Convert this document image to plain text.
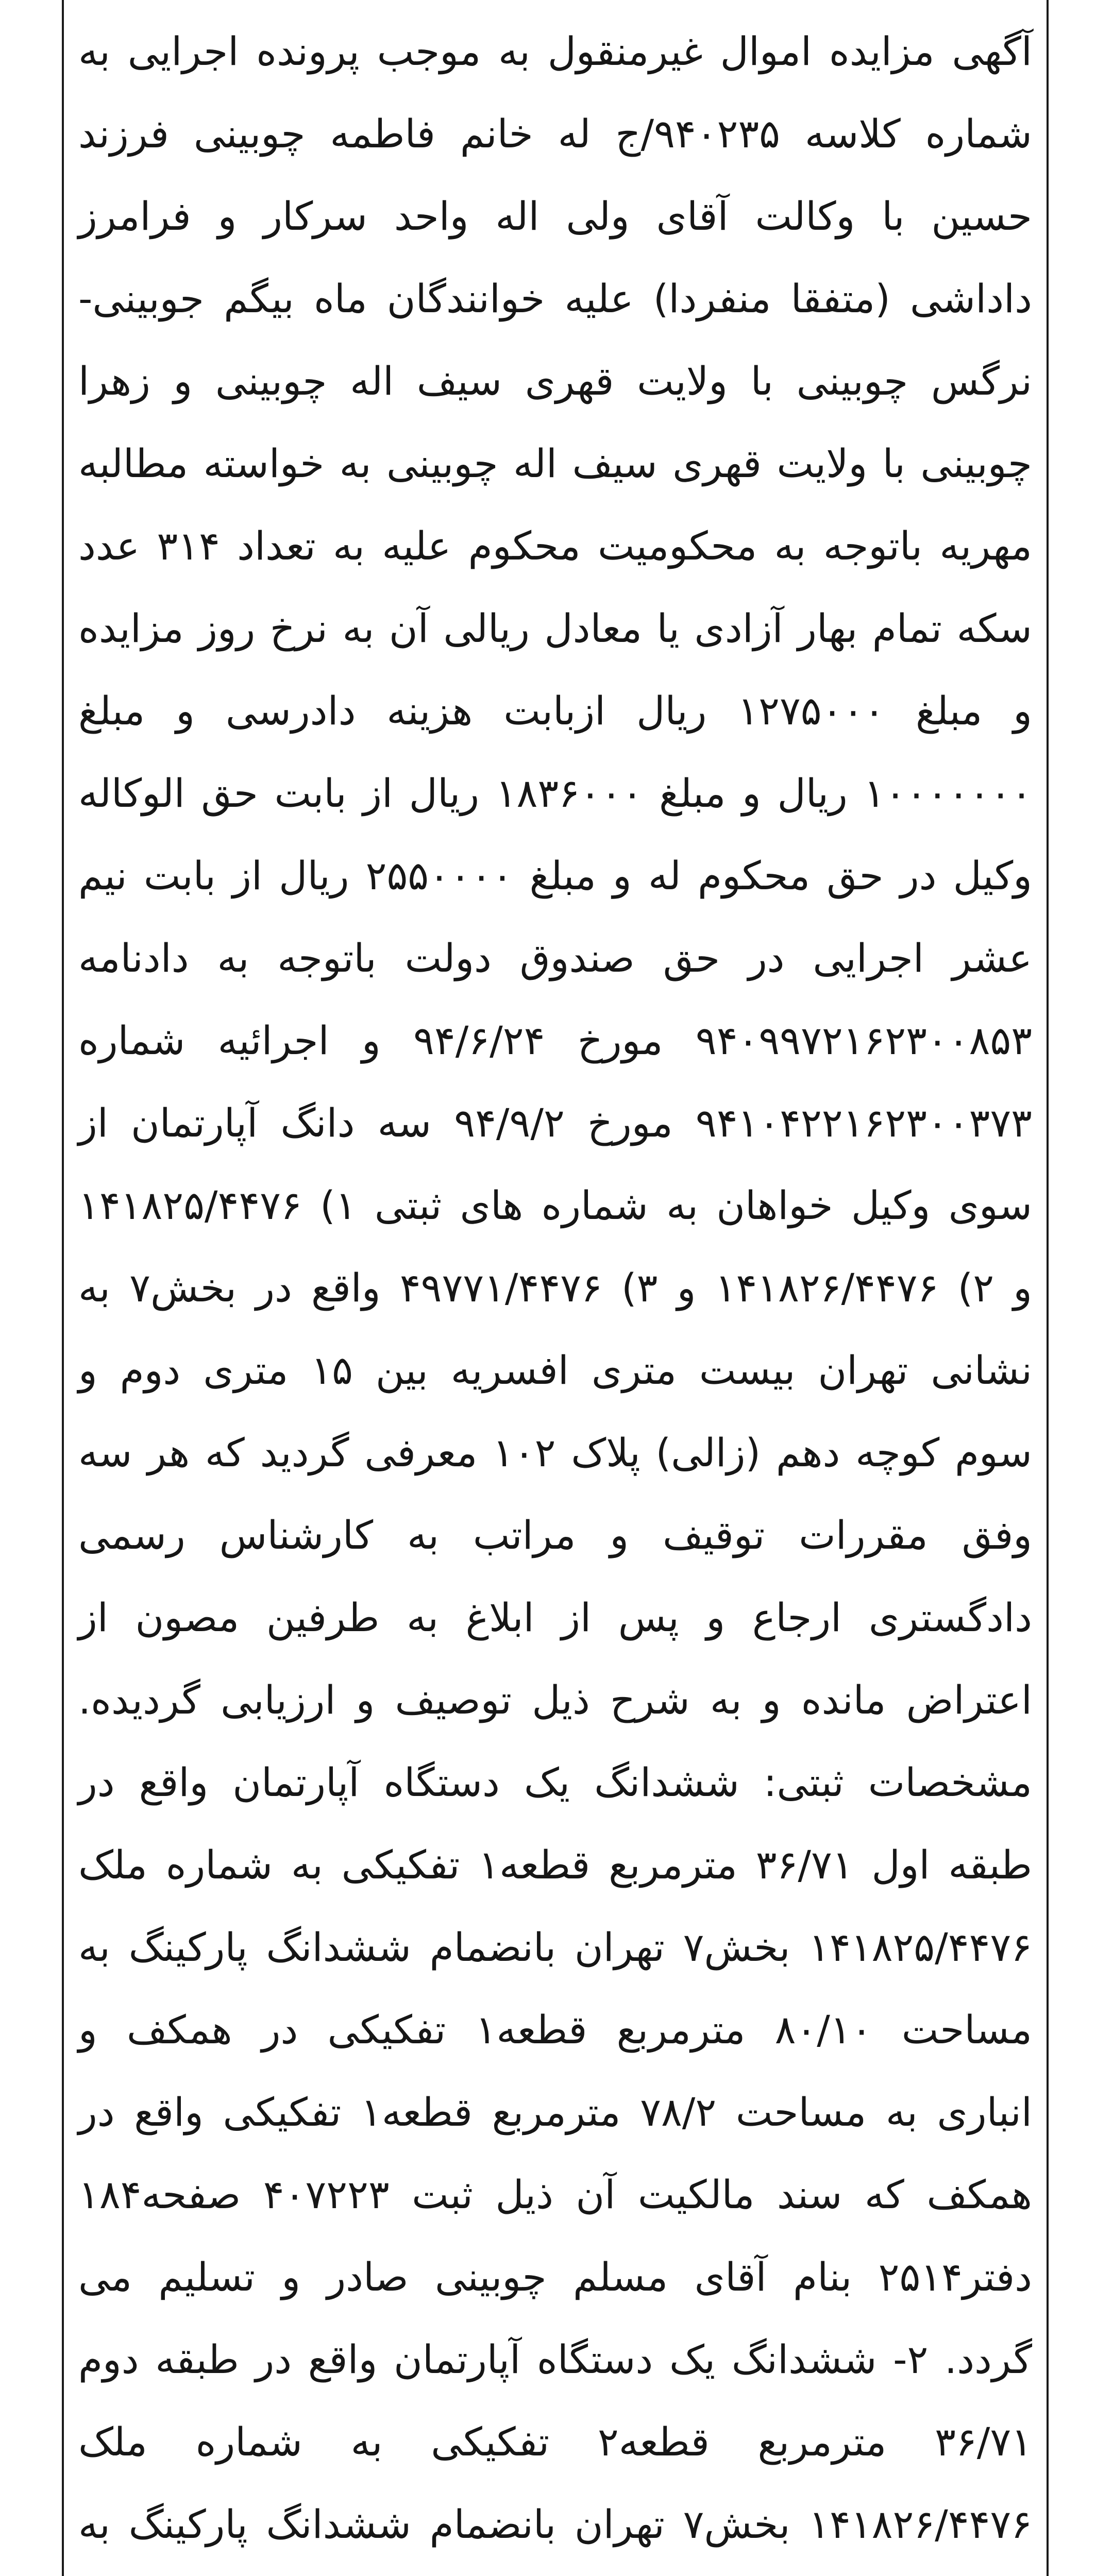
آگهی مزایده اموال غیرمنقول به موجب پرونده اجرایی به شماره کلاسه ۹۴۰۲۳۵/ج له خانم فاطمه چوبینی فرزند حسین با وکالت آقای ولی اله واحد سرکار و فرامرز داداشی (متفقا منفردا) علیه خوانندگان ماه بیگم جوبینی- نرگس چوبینی با ولایت قهری سیف اله چوبینی و زهرا چوبینی با ولایت قهری سیف اله چوبینی به خواسته مطالبه مهریه باتوجه به محکومیت محکوم علیه به تعداد ۳۱۴ عدد سکه تمام بهار آزادی یا معادل ریالی آن به نرخ روز مزایده و مبلغ ۱۲۷۵۰۰۰ ریال ازبابت هزینه دادرسی و مبلغ ۱۰۰۰۰۰۰۰ ریال و مبلغ ۱۸۳۶۰۰۰ ریال از بابت حق الوکاله وکیل در حق محکوم له و مبلغ ۲۵۵۰۰۰۰ ریال از بابت نیم عشر اجرایی در حق صندوق دولت باتوجه به دادنامه ۹۴۰۹۹۷۲۱۶۲۳۰۰۸۵۳ مورخ ۹۴/۶/۲۴ و اجرائیه شماره ۹۴۱۰۴۲۲۱۶۲۳۰۰۳۷۳ مورخ ۹۴/۹/۲ سه دانگ آپارتمان از سوی وکیل خواهان به شماره های ثبتی ۱) ۱۴۱۸۲۵/۴۴۷۶ و ۲) ۱۴۱۸۲۶/۴۴۷۶ و ۳) ۴۹۷۷۱/۴۴۷۶ واقع در بخش۷ به نشانی تهران بیست متری افسریه بین ۱۵ متری دوم و سوم کوچه دهم (زالی) پلاک ۱۰۲ معرفی گردید که هر سه وفق مقررات توقیف و مراتب به کارشناس رسمی دادگستری ارجاع و پس از ابلاغ به طرفین مصون از اعتراض مانده و به شرح ذیل توصیف و ارزیابی گردیده. مشخصات ثبتی: ششدانگ یک دستگاه آپارتمان واقع در طبقه اول ۳۶/۷۱ مترمربع قطعه۱ تفکیکی به شماره ملک ۱۴۱۸۲۵/۴۴۷۶ بخش۷ تهران بانضمام ششدانگ پارکینگ به مساحت ۸۰/۱۰ مترمربع قطعه۱ تفکیکی در همکف و انباری به مساحت ۷۸/۲ مترمربع قطعه۱ تفکیکی واقع در همکف که سند مالکیت آن ذیل ثبت ۴۰۷۲۲۳ صفحه۱۸۴ دفتر۲۵۱۴ بنام آقای مسلم چوبینی صادر و تسلیم می گردد. ۲- ششدانگ یک دستگاه آپارتمان واقع در طبقه دوم ۳۶/۷۱ مترمربع قطعه۲ تفکیکی به شماره ملک ۱۴۱۸۲۶/۴۴۷۶ بخش۷ تهران بانضمام ششدانگ پارکینگ به
